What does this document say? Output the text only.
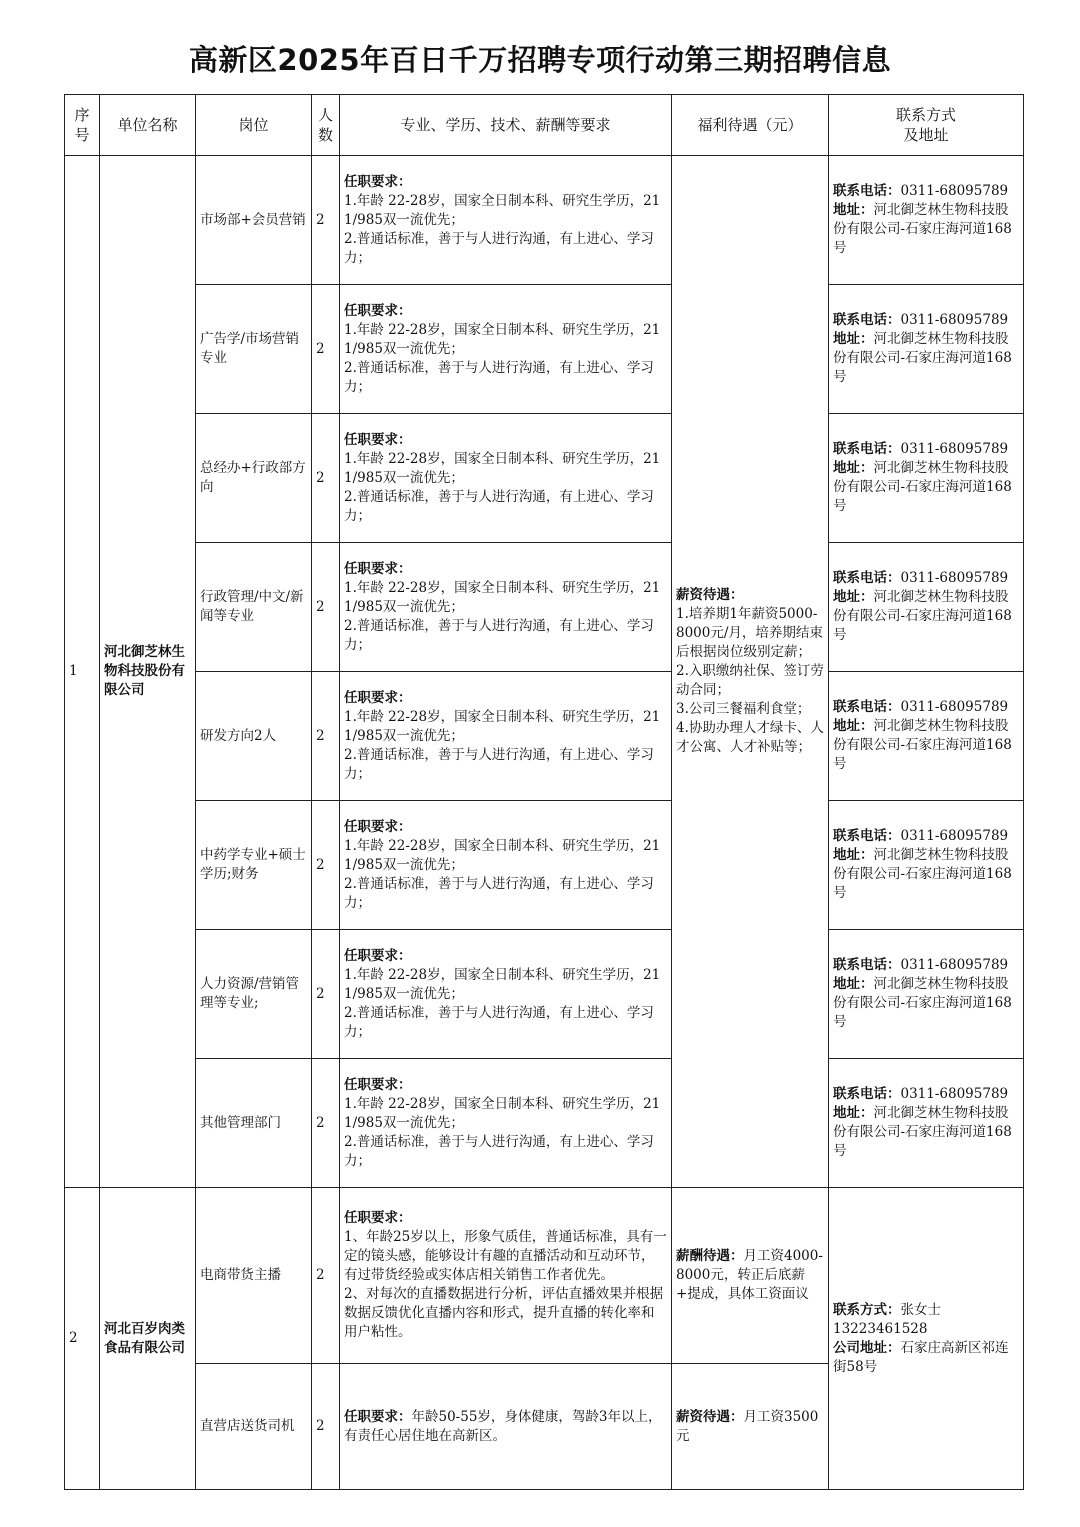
高新区2025年百日千万招聘专项行动第三期招聘信息
序号	单位名称	岗位	人数	专业、学历、技术、薪酬等要求	福利待遇（元）	联系方式
及地址

1	河北御芝林生物科技股份有限公司	市场部+会员营销	2	任职要求：
1.年龄 22-28岁，国家全日制本科、研究生学历，211/985双一流优先；
2.普通话标准，善于与人进行沟通，有上进心、学习力；	薪资待遇：
1.培养期1年薪资5000-8000元/月，培养期结束后根据岗位级别定薪；
2.入职缴纳社保、签订劳动合同；
3.公司三餐福利食堂；
4.协助办理人才绿卡、人才公寓、人才补贴等；	联系电话：0311-68095789
地址：河北御芝林生物科技股份有限公司-石家庄海河道168号
		广告学/市场营销专业	2	任职要求：
1.年龄 22-28岁，国家全日制本科、研究生学历，211/985双一流优先；
2.普通话标准，善于与人进行沟通，有上进心、学习力；		联系电话：0311-68095789
地址：河北御芝林生物科技股份有限公司-石家庄海河道168号
		总经办+行政部方向	2	任职要求：
1.年龄 22-28岁，国家全日制本科、研究生学历，211/985双一流优先；
2.普通话标准，善于与人进行沟通，有上进心、学习力；		联系电话：0311-68095789
地址：河北御芝林生物科技股份有限公司-石家庄海河道168号
		行政管理/中文/新闻等专业	2	任职要求：
1.年龄 22-28岁，国家全日制本科、研究生学历，211/985双一流优先；
2.普通话标准，善于与人进行沟通，有上进心、学习力；		联系电话：0311-68095789
地址：河北御芝林生物科技股份有限公司-石家庄海河道168号
		研发方向2人	2	任职要求：
1.年龄 22-28岁，国家全日制本科、研究生学历，211/985双一流优先；
2.普通话标准，善于与人进行沟通，有上进心、学习力；		联系电话：0311-68095789
地址：河北御芝林生物科技股份有限公司-石家庄海河道168号
		中药学专业+硕士学历;财务	2	任职要求：
1.年龄 22-28岁，国家全日制本科、研究生学历，211/985双一流优先；
2.普通话标准，善于与人进行沟通，有上进心、学习力；		联系电话：0311-68095789
地址：河北御芝林生物科技股份有限公司-石家庄海河道168号
		人力资源/营销管理等专业;	2	任职要求：
1.年龄 22-28岁，国家全日制本科、研究生学历，211/985双一流优先；
2.普通话标准，善于与人进行沟通，有上进心、学习力；		联系电话：0311-68095789
地址：河北御芝林生物科技股份有限公司-石家庄海河道168号
		其他管理部门	2	任职要求：
1.年龄 22-28岁，国家全日制本科、研究生学历，211/985双一流优先；
2.普通话标准，善于与人进行沟通，有上进心、学习力；		联系电话：0311-68095789
地址：河北御芝林生物科技股份有限公司-石家庄海河道168号
2	河北百岁肉类食品有限公司	电商带货主播	2	任职要求：
1、年龄25岁以上，形象气质佳，普通话标准，具有一定的镜头感，能够设计有趣的直播活动和互动环节，有过带货经验或实体店相关销售工作者优先。
2、对每次的直播数据进行分析，评估直播效果并根据数据反馈优化直播内容和形式，提升直播的转化率和用户粘性。	薪酬待遇：月工资4000-8000元，转正后底薪+提成，具体工资面议	联系方式：张女士
13223461528
公司地址：石家庄高新区祁连街58号
		直营店送货司机	2	任职要求：年龄50-55岁，身体健康，驾龄3年以上，有责任心居住地在高新区。	薪资待遇：月工资3500元	
